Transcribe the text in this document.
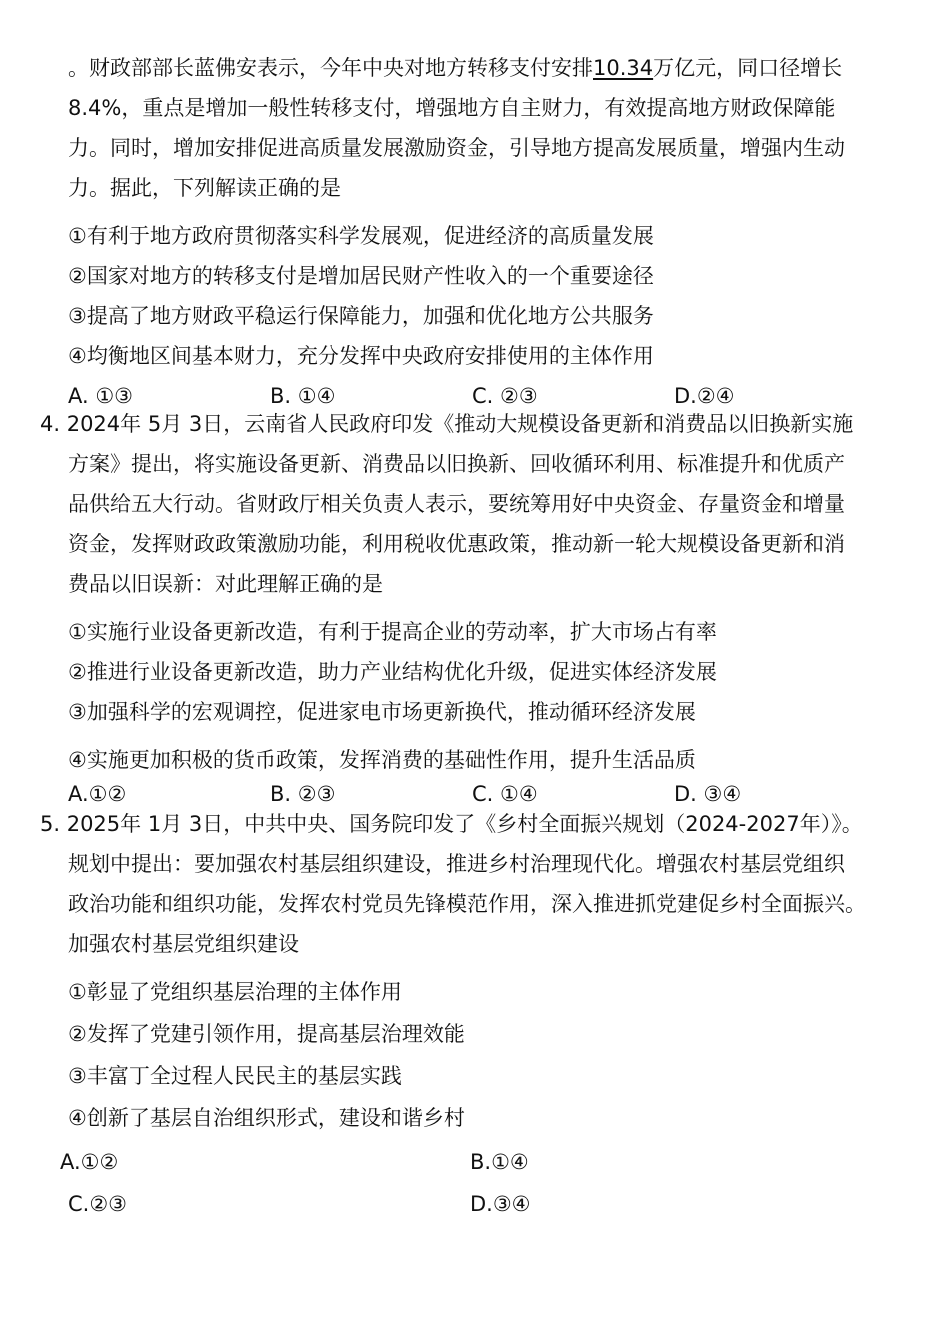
。财政部部长蓝佛安表示，今年中央对地方转移支付安排10.34万亿元，同口径增长
8.4%，重点是增加一般性转移支付，增强地方自主财力，有效提高地方财政保障能
力。同时，增加安排促进高质量发展激励资金，引导地方提高发展质量，增强内生动
力。据此，下列解读正确的是
①有利于地方政府贯彻落实科学发展观，促进经济的高质量发展
②国家对地方的转移支付是增加居民财产性收入的一个重要途径
③提高了地方财政平稳运行保障能力，加强和优化地方公共服务
④均衡地区间基本财力，充分发挥中央政府安排使用的主体作用
A. ①③	B. ①④	C. ②③	D.②④
4. 2024年 5月 3日，云南省人民政府印发《推动大规模设备更新和消费品以旧换新实施
方案》提出，将实施设备更新、消费品以旧换新、回收循环利用、标准提升和优质产
品供给五大行动。省财政厅相关负责人表示，要统筹用好中央资金、存量资金和增量
资金，发挥财政政策激励功能，利用税收优惠政策，推动新一轮大规模设备更新和消
费品以旧误新：对此理解正确的是
①实施行业设备更新改造，有利于提高企业的劳动率，扩大市场占有率
②推进行业设备更新改造，助力产业结构优化升级，促进实体经济发展
③加强科学的宏观调控，促进家电市场更新换代，推动循环经济发展
④实施更加积极的货币政策，发挥消费的基础性作用，提升生活品质
A.①②	B. ②③	C. ①④	D. ③④
5. 2025年 1月 3日，中共中央、国务院印发了《乡村全面振兴规划（2024-2027年）》。
规划中提出：要加强农村基层组织建设，推进乡村治理现代化。增强农村基层党组织
政治功能和组织功能，发挥农村党员先锋模范作用，深入推进抓党建促乡村全面振兴。
加强农村基层党组织建设
①彰显了党组织基层治理的主体作用
②发挥了党建引领作用，提高基层治理效能
③丰富丁全过程人民民主的基层实践
④创新了基层自治组织形式，建设和谐乡村
A.①②	B.①④
C.②③	D.③④
